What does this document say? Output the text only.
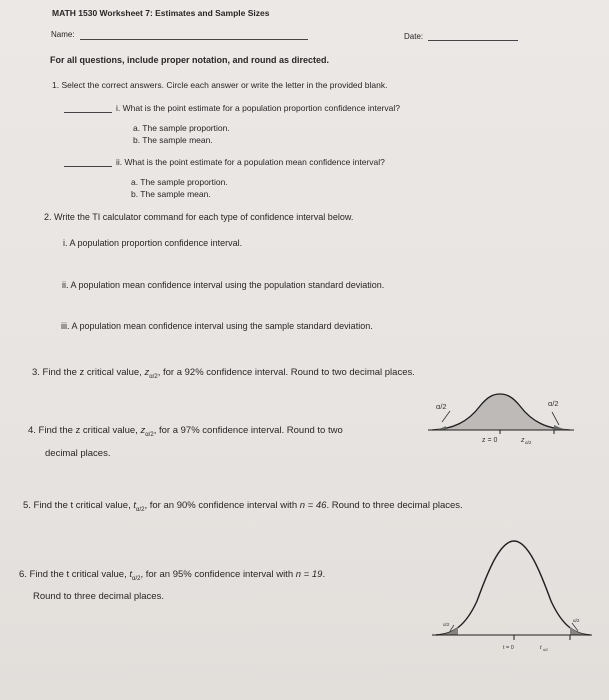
MATH 1530 Worksheet 7: Estimates and Sample Sizes
Name:	Date:
For all questions, include proper notation, and round as directed.
1. Select the correct answers. Circle each answer or write the letter in the provided blank.
i. What is the point estimate for a population proportion confidence interval?
a. The sample proportion.
b. The sample mean.
ii. What is the point estimate for a population mean confidence interval?
a. The sample proportion.
b. The sample mean.
2. Write the TI calculator command for each type of confidence interval below.
i. A population proportion confidence interval.
ii. A population mean confidence interval using the population standard deviation.
iii. A population mean confidence interval using the sample standard deviation.
3. Find the z critical value, $z_{\alpha/2}$, for a 92% confidence interval. Round to two decimal places.
4. Find the z critical value, $z_{\alpha/2}$, for a 97% confidence interval. Round to two
decimal places.
α/2	α/2
z = 0	z α/2
5. Find the t critical value, $t_{\alpha/2}$, for an 90% confidence interval with n = 46. Round to three decimal places.
6. Find the t critical value, $t_{\alpha/2}$, for an 95% confidence interval with n = 19.
Round to three decimal places.
α/2
α/2
t = 0	t α/2
